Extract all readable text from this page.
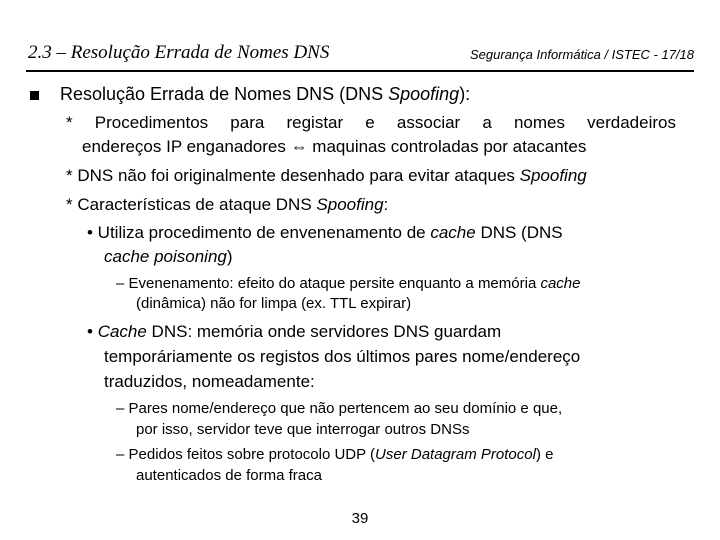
2.3 – Resolução Errada de Nomes DNS	Segurança Informática / ISTEC - 17/18
Resolução Errada de Nomes DNS (DNS Spoofing):
* Procedimentos para registar e associar a nomes verdadeiros
endereços IP enganadores ⇔ maquinas controladas por atacantes
* DNS não foi originalmente desenhado para evitar ataques Spoofing
* Características de ataque DNS Spoofing:
• Utiliza procedimento de envenenamento de cache DNS (DNS
cache poisoning)
– Evenenamento: efeito do ataque persite enquanto a memória cache
(dinâmica) não for limpa (ex. TTL expirar)
• Cache DNS: memória onde servidores DNS guardam
temporáriamente os registos dos últimos pares nome/endereço
traduzidos, nomeadamente:
– Pares nome/endereço que não pertencem ao seu domínio e que,
por isso, servidor teve que interrogar outros DNSs
– Pedidos feitos sobre protocolo UDP (User Datagram Protocol) e
autenticados de forma fraca
39
